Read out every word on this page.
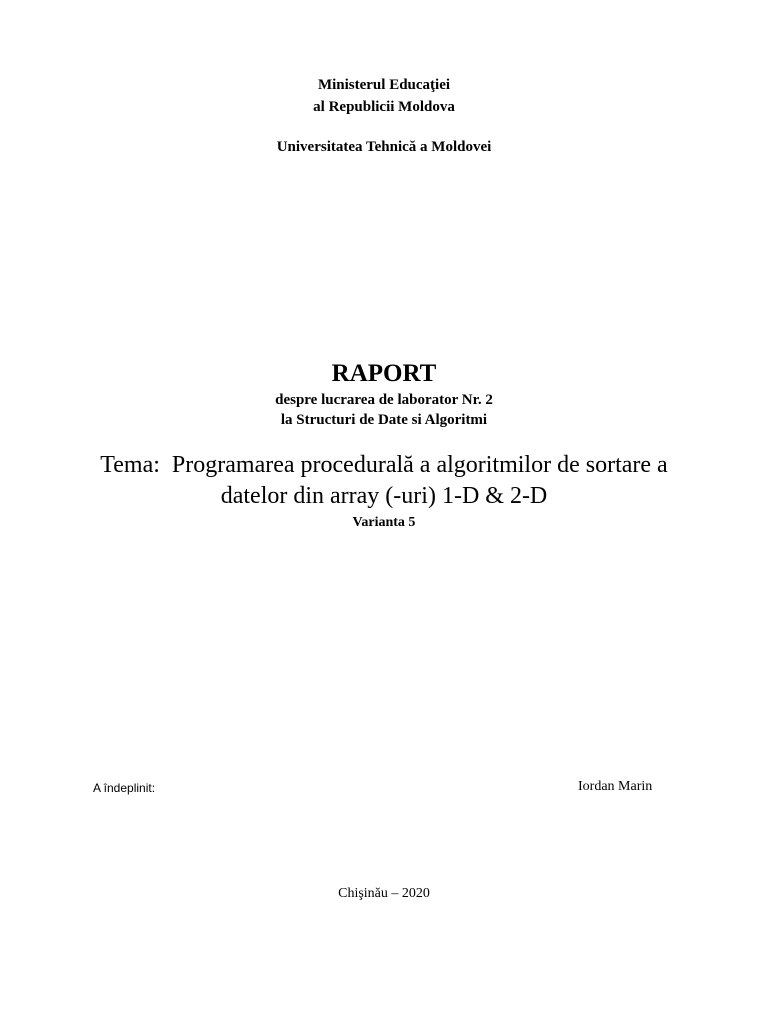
Ministerul Educaţiei
al Republicii Moldova
Universitatea Tehnică a Moldovei
RAPORT
despre lucrarea de laborator Nr. 2
la Structuri de Date si Algoritmi
Tema:  Programarea procedurală a algoritmilor de sortare a
datelor din array (-uri) 1-D & 2-D
Varianta 5
A îndeplinit:	Iordan Marin
Chişinău – 2020
